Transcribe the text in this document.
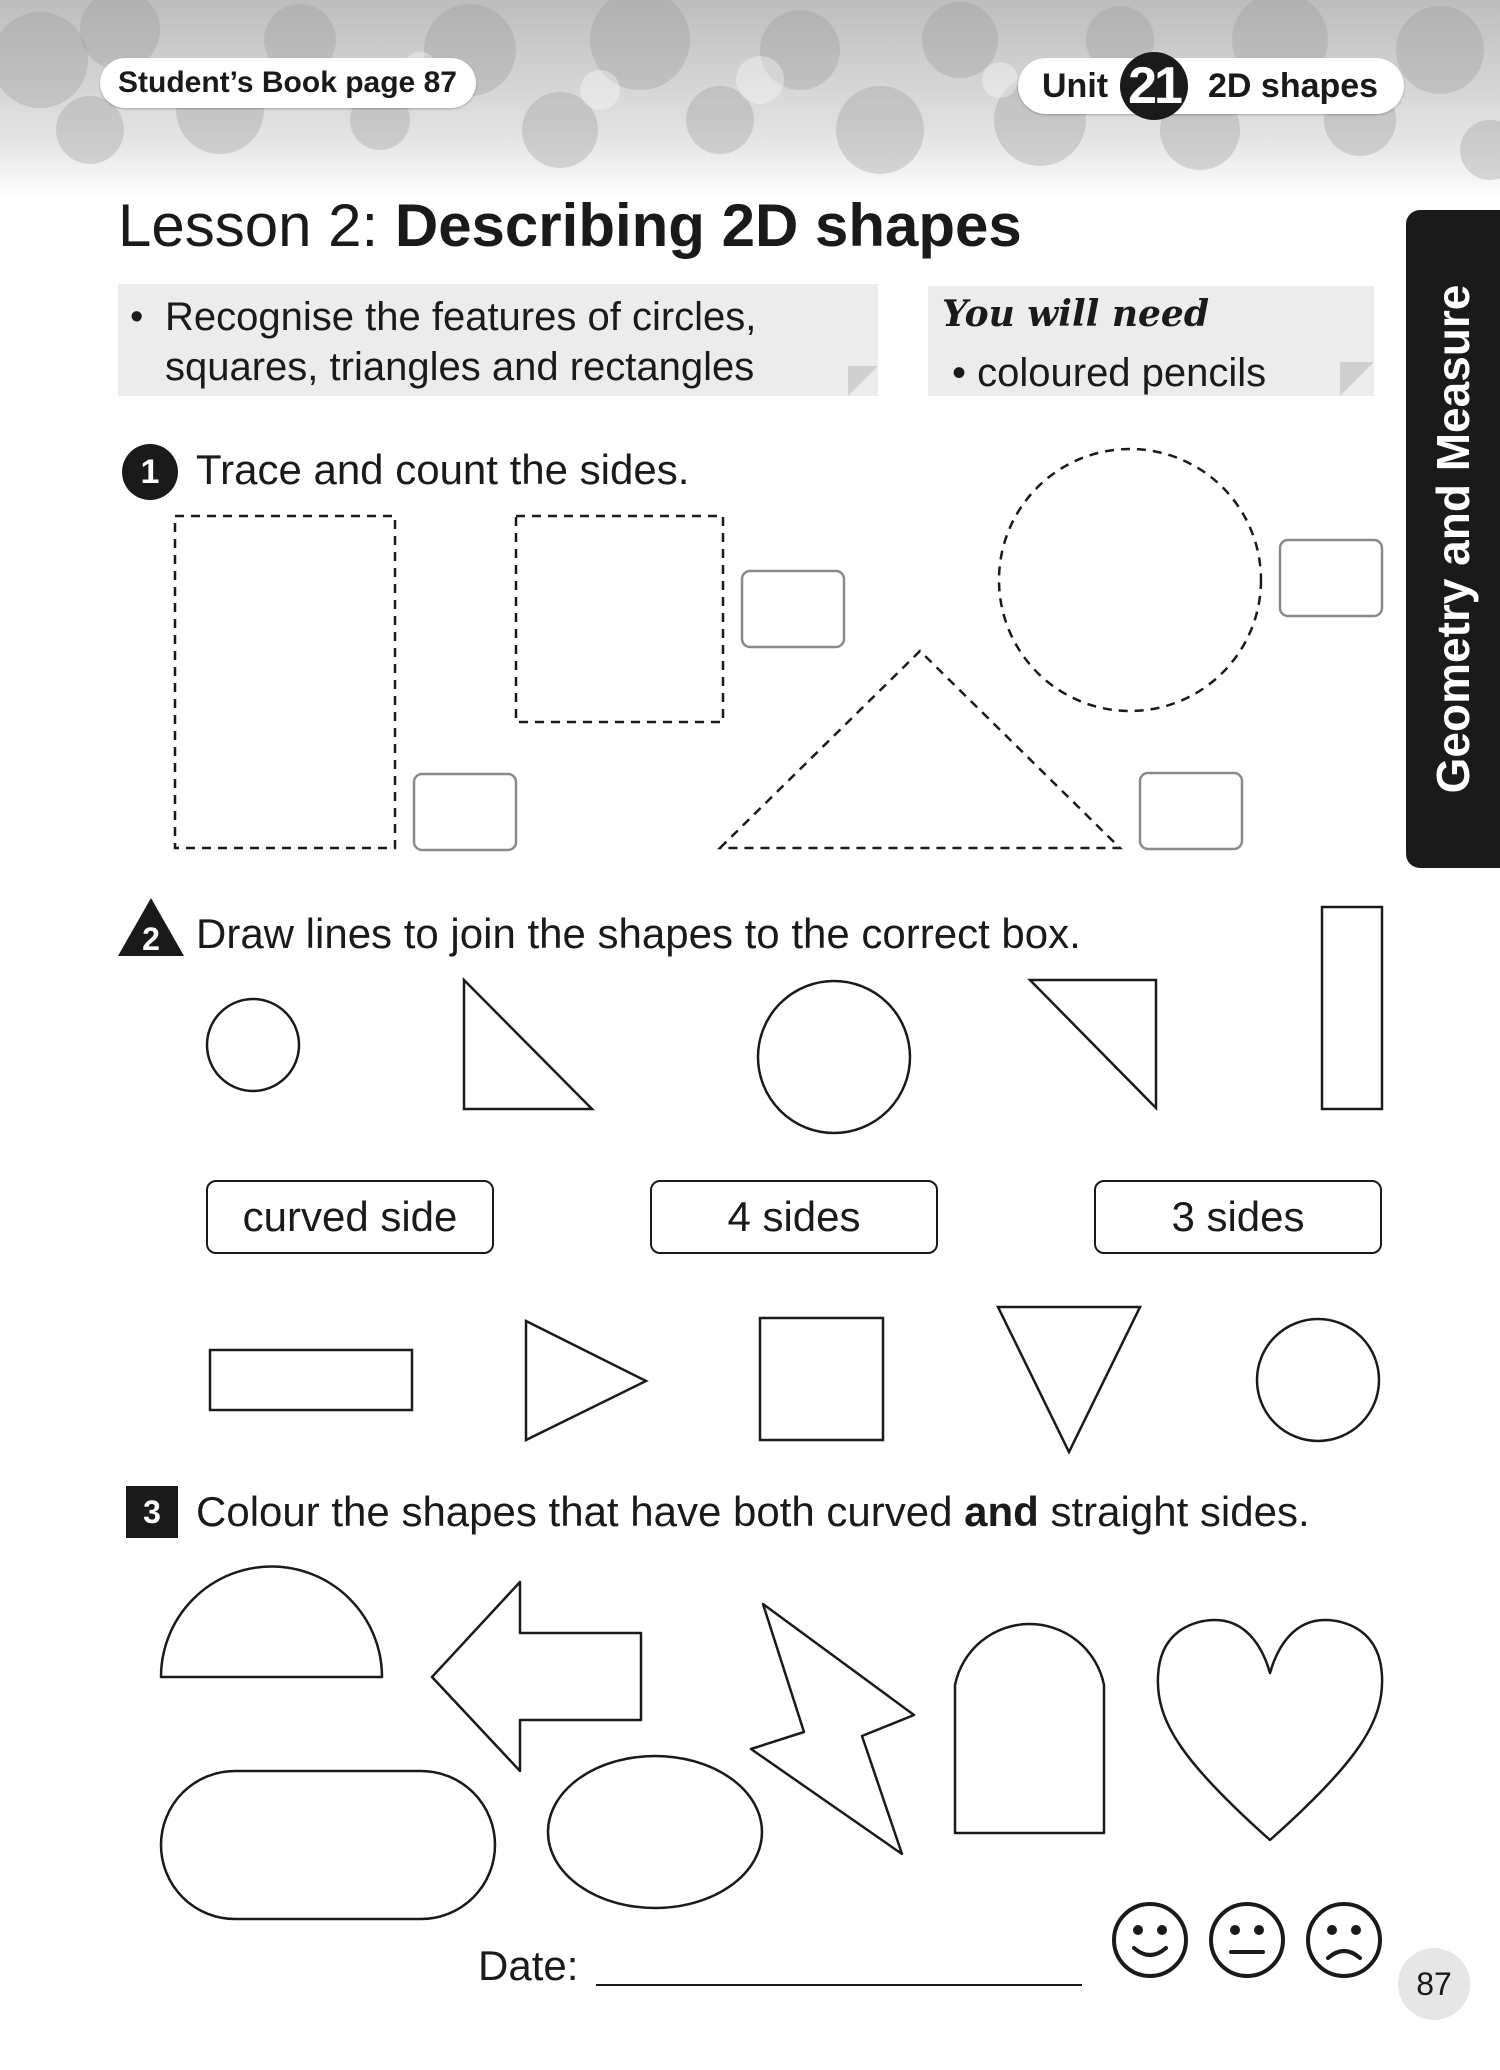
Student’s Book page 87	Unit 21 2D shapes
Lesson 2: Describing 2D shapes
• Recognise the features of circles,
squares, triangles and rectangles
You will need
• coloured pencils	Geometry and Measure
1 Trace and count the sides.
2 Draw lines to join the shapes to the correct box.
curved side	4 sides	3 sides
3 Colour the shapes that have both curved and straight sides.
Date:	87
